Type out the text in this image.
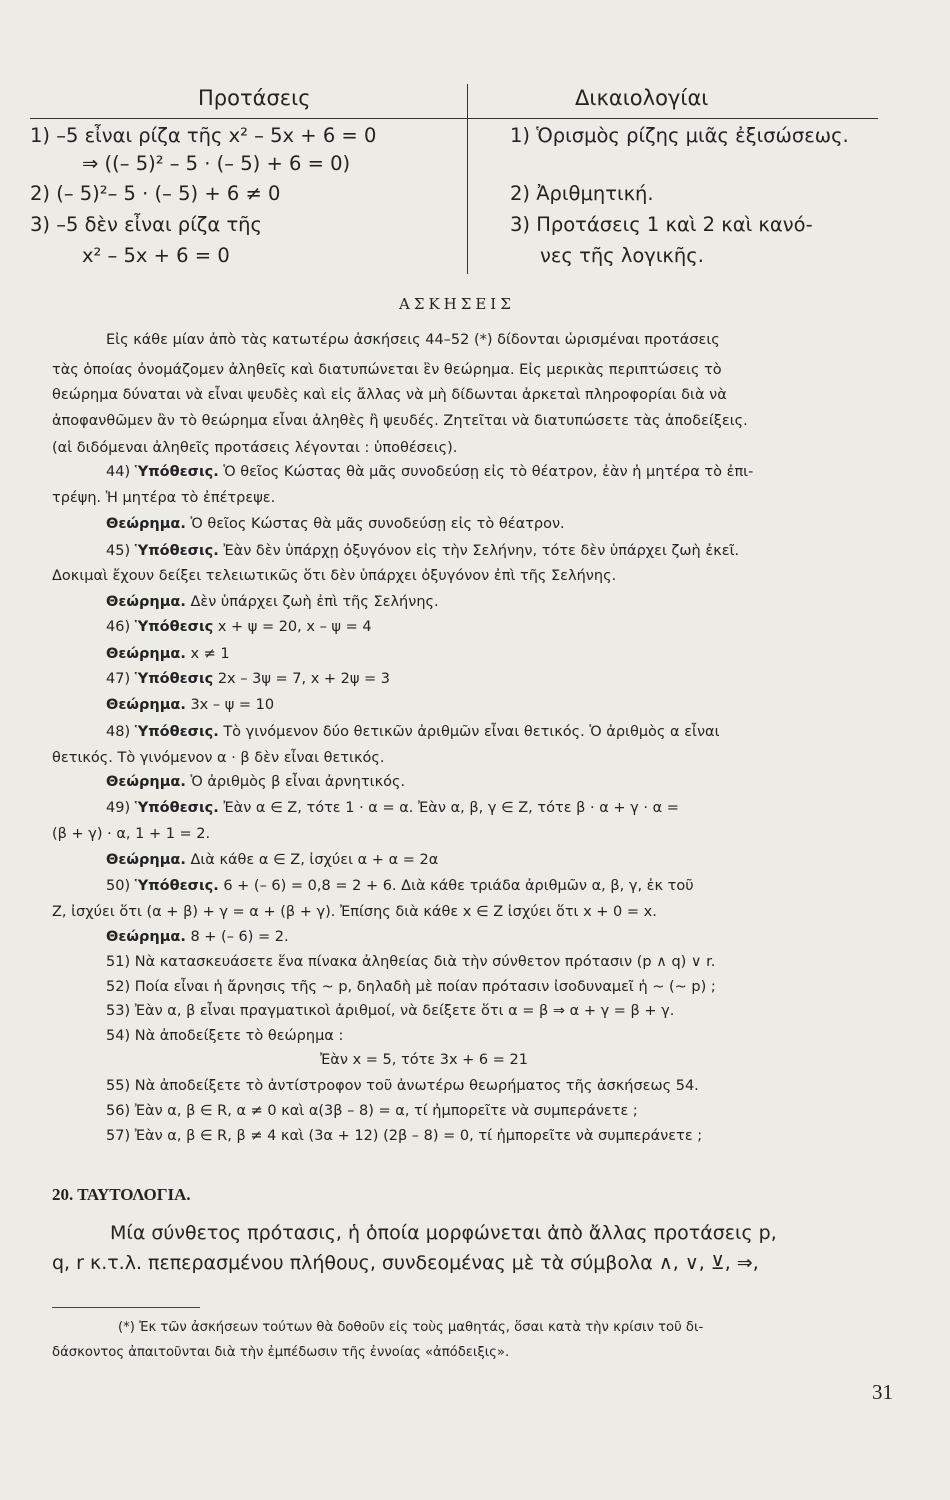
Προτάσεις	Δικαιολογίαι
1) –5 εἶναι ρίζα τῆς x² – 5x + 6 = 0
⇒ ((– 5)² – 5 · (– 5) + 6 = 0)
2) (– 5)²– 5 · (– 5) + 6 ≠ 0
3) –5 δὲν εἶναι ρίζα τῆς
x² – 5x + 6 = 0
1) Ὁρισμὸς ρίζης μιᾶς ἐξισώσεως.
2) Ἀριθμητική.
3) Προτάσεις 1 καὶ 2 καὶ κανό-
νες τῆς λογικῆς.
ΑΣΚΗΣΕΙΣ
Εἰς κάθε μίαν ἀπὸ τὰς κατωτέρω ἀσκήσεις 44–52 (*) δίδονται ὡρισμέναι προτάσεις
τὰς ὁποίας ὀνομάζομεν ἀληθεῖς καὶ διατυπώνεται ἓν θεώρημα. Εἰς μερικὰς περιπτώσεις τὸ
θεώρημα δύναται νὰ εἶναι ψευδὲς καὶ εἰς ἄλλας νὰ μὴ δίδωνται ἀρκεταὶ πληροφορίαι διὰ νὰ
ἀποφανθῶμεν ἂν τὸ θεώρημα εἶναι ἀληθὲς ἢ ψευδές. Ζητεῖται νὰ διατυπώσετε τὰς ἀποδείξεις.
(αἱ διδόμεναι ἀληθεῖς προτάσεις λέγονται : ὑποθέσεις).
44) Ὑπόθεσις. Ὁ θεῖος Κώστας θὰ μᾶς συνοδεύσῃ εἰς τὸ θέατρον, ἐὰν ἡ μητέρα τὸ ἐπι-
τρέψη. Ἡ μητέρα τὸ ἐπέτρεψε.
Θεώρημα. Ὁ θεῖος Κώστας θὰ μᾶς συνοδεύσῃ εἰς τὸ θέατρον.
45) Ὑπόθεσις. Ἐὰν δὲν ὑπάρχῃ ὀξυγόνον εἰς τὴν Σελήνην, τότε δὲν ὑπάρχει ζωὴ ἐκεῖ.
Δοκιμαὶ ἔχουν δείξει τελειωτικῶς ὅτι δὲν ὑπάρχει ὀξυγόνον ἐπὶ τῆς Σελήνης.
Θεώρημα. Δὲν ὑπάρχει ζωὴ ἐπὶ τῆς Σελήνης.
46) Ὑπόθεσις x + ψ = 20, x – ψ = 4
Θεώρημα. x ≠ 1
47) Ὑπόθεσις 2x – 3ψ = 7, x + 2ψ = 3
Θεώρημα. 3x – ψ = 10
48) Ὑπόθεσις. Τὸ γινόμενον δύο θετικῶν ἀριθμῶν εἶναι θετικός. Ὁ ἀριθμὸς α εἶναι
θετικός. Τὸ γινόμενον α · β δὲν εἶναι θετικός.
Θεώρημα. Ὁ ἀριθμὸς β εἶναι ἀρνητικός.
49) Ὑπόθεσις. Ἐὰν α ∈ Z, τότε 1 · α = α. Ἐὰν α, β, γ ∈ Z, τότε β · α + γ · α =
(β + γ) · α, 1 + 1 = 2.
Θεώρημα. Διὰ κάθε α ∈ Z, ἰσχύει α + α = 2α
50) Ὑπόθεσις. 6 + (– 6) = 0,8 = 2 + 6. Διὰ κάθε τριάδα ἀριθμῶν α, β, γ, ἐκ τοῦ
Z, ἰσχύει ὅτι (α + β) + γ = α + (β + γ). Ἐπίσης διὰ κάθε x ∈ Z ἰσχύει ὅτι x + 0 = x.
Θεώρημα. 8 + (– 6) = 2.
51) Νὰ κατασκευάσετε ἕνα πίνακα ἀληθείας διὰ τὴν σύνθετον πρότασιν (p ∧ q) ∨ r.
52) Ποία εἶναι ἡ ἄρνησις τῆς ~ p, δηλαδὴ μὲ ποίαν πρότασιν ἰσοδυναμεῖ ἡ ~ (~ p) ;
53) Ἐὰν α, β εἶναι πραγματικοὶ ἀριθμοί, νὰ δείξετε ὅτι α = β ⇒ α + γ = β + γ.
54) Νὰ ἀποδείξετε τὸ θεώρημα :
Ἐὰν x = 5, τότε 3x + 6 = 21
55) Νὰ ἀποδείξετε τὸ ἀντίστροφον τοῦ ἀνωτέρω θεωρήματος τῆς ἀσκήσεως 54.
56) Ἐὰν α, β ∈ R, α ≠ 0 καὶ α(3β – 8) = α, τί ἠμπορεῖτε νὰ συμπεράνετε ;
57) Ἐὰν α, β ∈ R, β ≠ 4 καὶ (3α + 12) (2β – 8) = 0, τί ἠμπορεῖτε νὰ συμπεράνετε ;
20. ΤΑΥΤΟΛΟΓΙΑ.
Μία σύνθετος πρότασις, ἡ ὁποία μορφώνεται ἀπὸ ἄλλας προτάσεις p,
q, r κ.τ.λ. πεπερασμένου πλήθους, συνδεομένας μὲ τὰ σύμβολα ∧, ∨, ⊻, ⇒,
(*) Ἐκ τῶν ἀσκήσεων τούτων θὰ δοθοῦν εἰς τοὺς μαθητάς, ὅσαι κατὰ τὴν κρίσιν τοῦ δι-
δάσκοντος ἀπαιτοῦνται διὰ τὴν ἐμπέδωσιν τῆς ἐννοίας «ἀπόδειξις».
31
